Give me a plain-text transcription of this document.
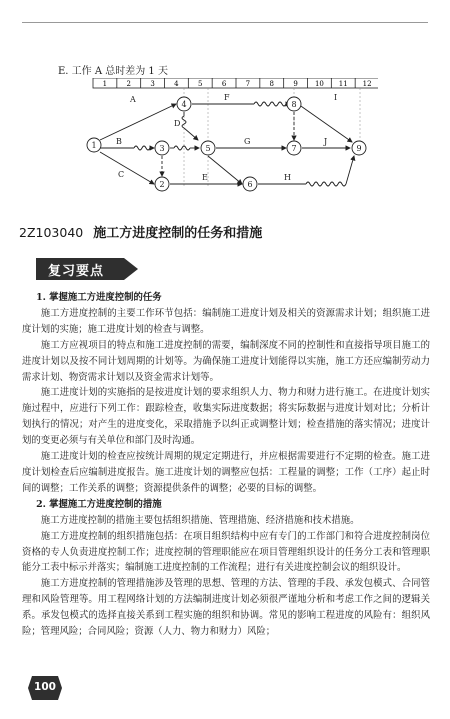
E. 工作 A 总时差为 1 天
1	2	3	4	5	6	7	8	9 10 11 12
A
B
C
D
E
F
G
H
I
J
1
2
3
4
5
6
7
8
9
2Z103040 施工方进度控制的任务和措施
复习要点

1. 掌握施工方进度控制的任务

施工方进度控制的主要工作环节包括：编制施工进度计划及相关的资源需求计划；组织施工进度计划的实施；施工进度计划的检查与调整。

施工方应视项目的特点和施工进度控制的需要，编制深度不同的控制性和直接指导项目施工的进度计划以及按不同计划周期的计划等。为确保施工进度计划能得以实施，施工方还应编制劳动力需求计划、物资需求计划以及资金需求计划等。

施工进度计划的实施指的是按进度计划的要求组织人力、物力和财力进行施工。在进度计划实施过程中，应进行下列工作：跟踪检查，收集实际进度数据；将实际数据与进度计划对比；分析计划执行的情况；对产生的进度变化，采取措施予以纠正或调整计划；检查措施的落实情况；进度计划的变更必须与有关单位和部门及时沟通。

施工进度计划的检查应按统计周期的规定定期进行，并应根据需要进行不定期的检查。施工进度计划检查后应编制进度报告。施工进度计划的调整应包括：工程量的调整；工作（工序）起止时间的调整；工作关系的调整；资源提供条件的调整；必要的目标的调整。

2. 掌握施工方进度控制的措施

施工方进度控制的措施主要包括组织措施、管理措施、经济措施和技术措施。

施工方进度控制的组织措施包括：在项目组织结构中应有专门的工作部门和符合进度控制岗位资格的专人负责进度控制工作；进度控制的管理职能应在项目管理组织设计的任务分工表和管理职能分工表中标示并落实；编制施工进度控制的工作流程；进行有关进度控制会议的组织设计。

施工方进度控制的管理措施涉及管理的思想、管理的方法、管理的手段、承发包模式、合同管理和风险管理等。用工程网络计划的方法编制进度计划必须很严谨地分析和考虑工作之间的逻辑关系。承发包模式的选择直接关系到工程实施的组织和协调。常见的影响工程进度的风险有：组织风险；管理风险；合同风险；资源（人力、物力和财力）风险；

100
